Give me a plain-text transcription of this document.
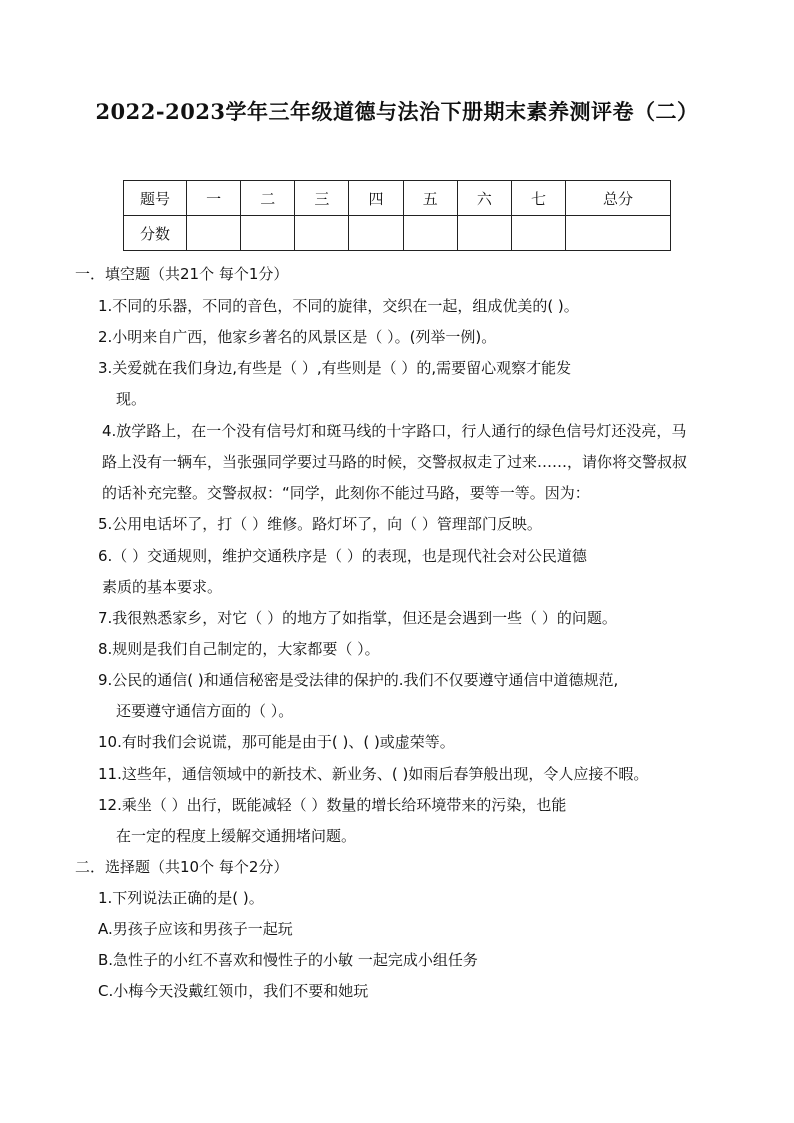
2022-2023学年三年级道德与法治下册期末素养测评卷（二）
题号	一	二	三	四	五	六	七	总分
分数								
一．填空题（共21个 每个1分）
1.不同的乐器，不同的音色，不同的旋律，交织在一起，组成优美的( )。
2.小明来自广西，他家乡著名的风景区是（ ）。(列举一例)。
3.关爱就在我们身边,有些是（ ）,有些则是（ ）的,需要留心观察才能发
现。
4.放学路上，在一个没有信号灯和斑马线的十字路口，行人通行的绿色信号灯还没亮，马
路上没有一辆车，当张强同学要过马路的时候，交警叔叔走了过来……，请你将交警叔叔
的话补充完整。交警叔叔：“同学，此刻你不能过马路，要等一等。因为：
5.公用电话坏了，打（ ）维修。路灯坏了，向（ ）管理部门反映。
6.（ ）交通规则，维护交通秩序是（ ）的表现，也是现代社会对公民道德
素质的基本要求。
7.我很熟悉家乡，对它（ ）的地方了如指掌，但还是会遇到一些（ ）的问题。
8.规则是我们自己制定的，大家都要（ ）。
9.公民的通信( )和通信秘密是受法律的保护的.我们不仅要遵守通信中道德规范,
还要遵守通信方面的（ ）。
10.有时我们会说谎，那可能是由于( )、( )或虚荣等。
11.这些年，通信领域中的新技术、新业务、( )如雨后春笋般出现，令人应接不暇。
12.乘坐（ ）出行，既能减轻（ ）数量的增长给环境带来的污染，也能
在一定的程度上缓解交通拥堵问题。
二．选择题（共10个 每个2分）
1.下列说法正确的是( )。
A.男孩子应该和男孩子一起玩
B.急性子的小红不喜欢和慢性子的小敏 一起完成小组任务
C.小梅今天没戴红领巾，我们不要和她玩
